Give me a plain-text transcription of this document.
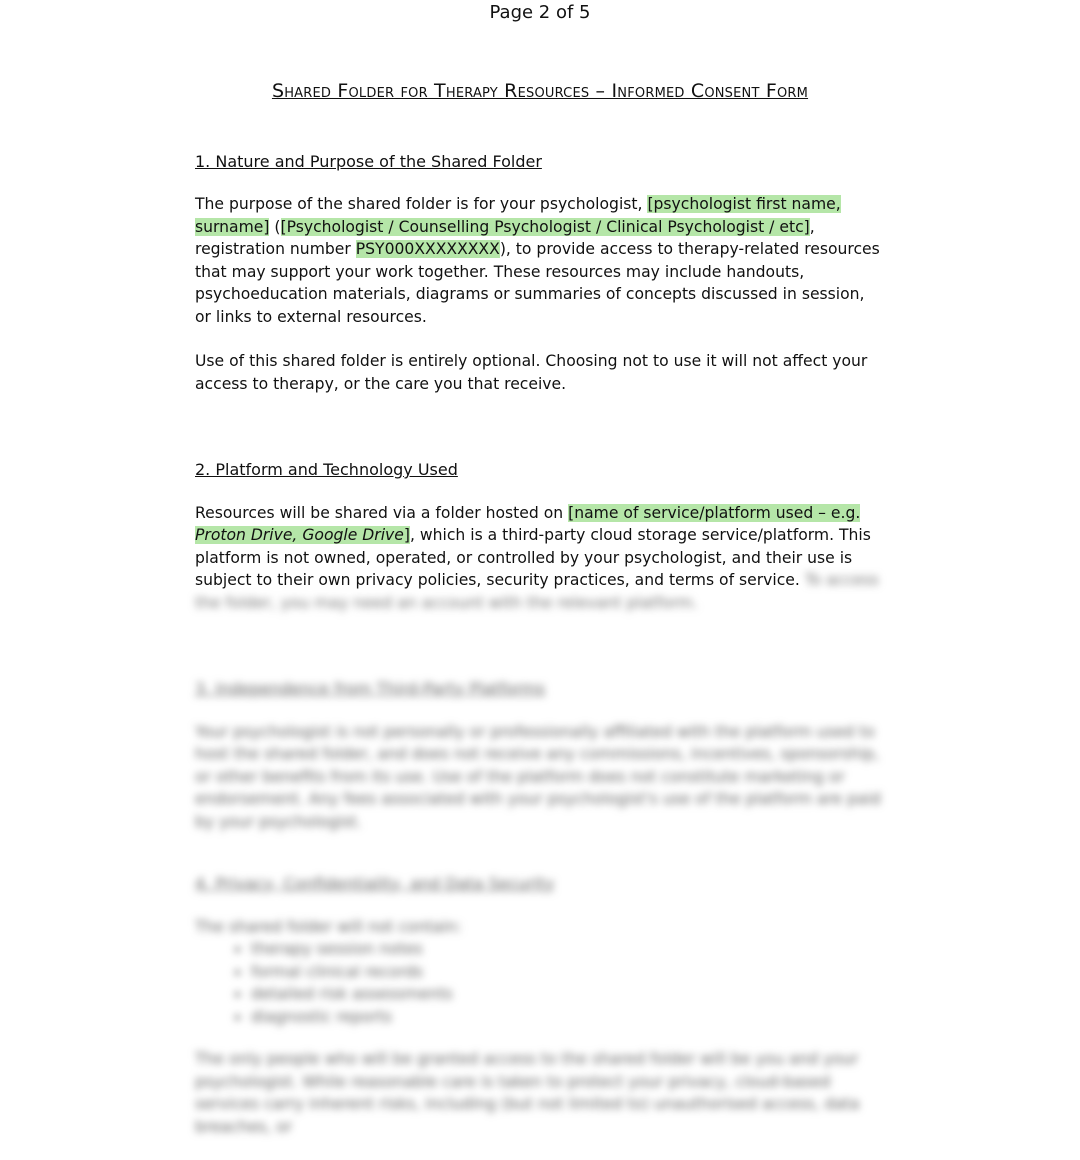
Page 2 of 5
Shared Folder for Therapy Resources – Informed Consent Form
1. Nature and Purpose of the Shared Folder
The purpose of the shared folder is for your psychologist, [psychologist first name, surname] ([Psychologist / Counselling Psychologist / Clinical Psychologist / etc], registration number PSY000XXXXXXXX), to provide access to therapy-related resources that may support your work together. These resources may include handouts, psychoeducation materials, diagrams or summaries of concepts discussed in session, or links to external resources.
Use of this shared folder is entirely optional. Choosing not to use it will not affect your access to therapy, or the care you that receive.
2. Platform and Technology Used
Resources will be shared via a folder hosted on [name of service/platform used – e.g. Proton Drive, Google Drive], which is a third-party cloud storage service/platform. This platform is not owned, operated, or controlled by your psychologist, and their use is subject to their own privacy policies, security practices, and terms of service. To access the folder, you may need an account with the relevant platform.
3. Independence from Third-Party Platforms
Your psychologist is not personally or professionally affiliated with the platform used to host the shared folder, and does not receive any commissions, incentives, sponsorship, or other benefits from its use. Use of the platform does not constitute marketing or endorsement. Any fees associated with your psychologist's use of the platform are paid by your psychologist.
4. Privacy, Confidentiality, and Data Security
The shared folder will not contain:
• therapy session notes
• formal clinical records
• detailed risk assessments
• diagnostic reports
The only people who will be granted access to the shared folder will be you and your psychologist. While reasonable care is taken to protect your privacy, cloud-based services carry inherent risks, including (but not limited to) unauthorised access, data breaches, or
